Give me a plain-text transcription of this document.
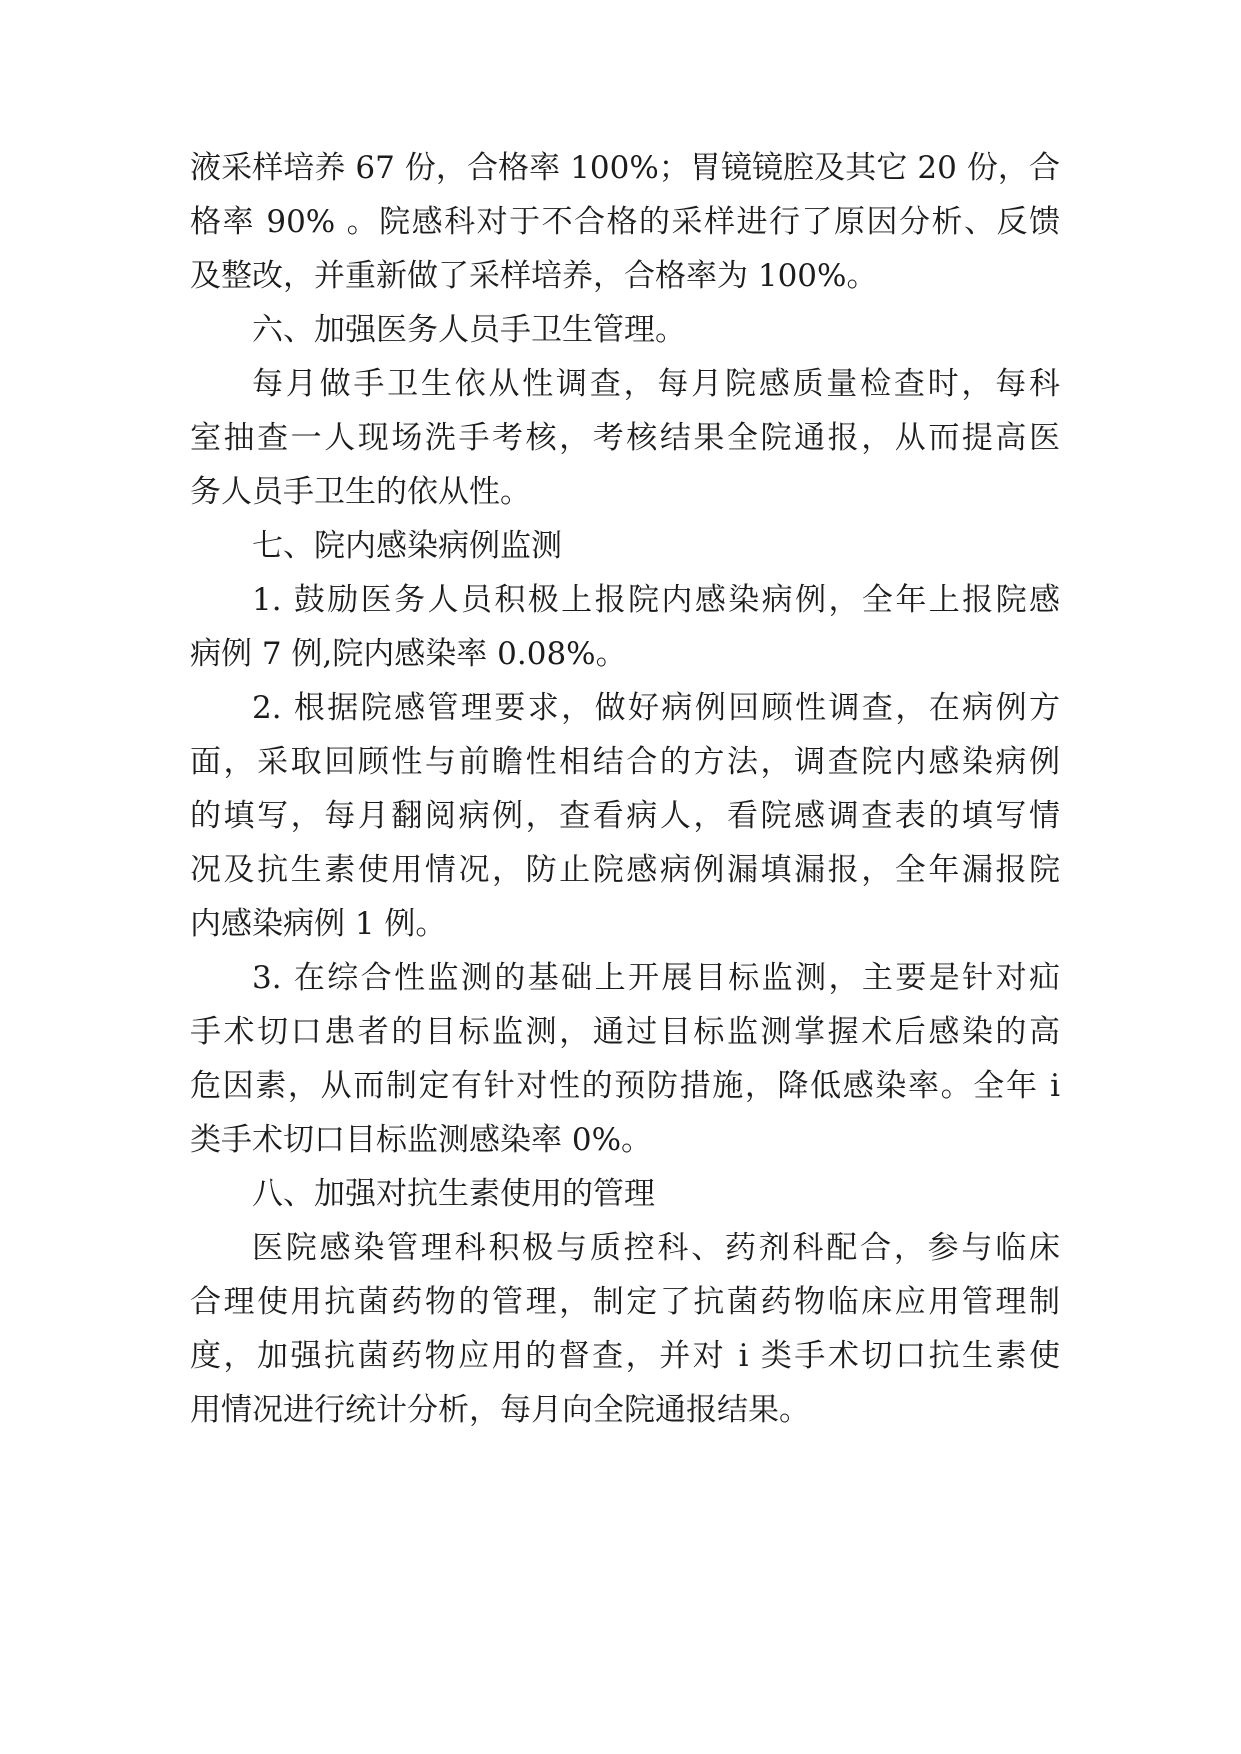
液采样培养 67 份，合格率 100%；胃镜镜腔及其它 20 份，合
格率 90% 。院感科对于不合格的采样进行了原因分析、反馈
及整改，并重新做了采样培养，合格率为 100%。
六、加强医务人员手卫生管理。
每月做手卫生依从性调查，每月院感质量检查时，每科
室抽查一人现场洗手考核，考核结果全院通报，从而提高医
务人员手卫生的依从性。
七、院内感染病例监测
1. 鼓励医务人员积极上报院内感染病例，全年上报院感
病例 7 例,院内感染率 0.08%。
2. 根据院感管理要求，做好病例回顾性调查，在病例方
面，采取回顾性与前瞻性相结合的方法，调查院内感染病例
的填写，每月翻阅病例，查看病人，看院感调查表的填写情
况及抗生素使用情况，防止院感病例漏填漏报，全年漏报院
内感染病例 1 例。
3. 在综合性监测的基础上开展目标监测，主要是针对疝
手术切口患者的目标监测，通过目标监测掌握术后感染的高
危因素，从而制定有针对性的预防措施，降低感染率。全年 i
类手术切口目标监测感染率 0%。
八、加强对抗生素使用的管理
医院感染管理科积极与质控科、药剂科配合，参与临床
合理使用抗菌药物的管理，制定了抗菌药物临床应用管理制
度，加强抗菌药物应用的督查，并对 i 类手术切口抗生素使
用情况进行统计分析，每月向全院通报结果。
